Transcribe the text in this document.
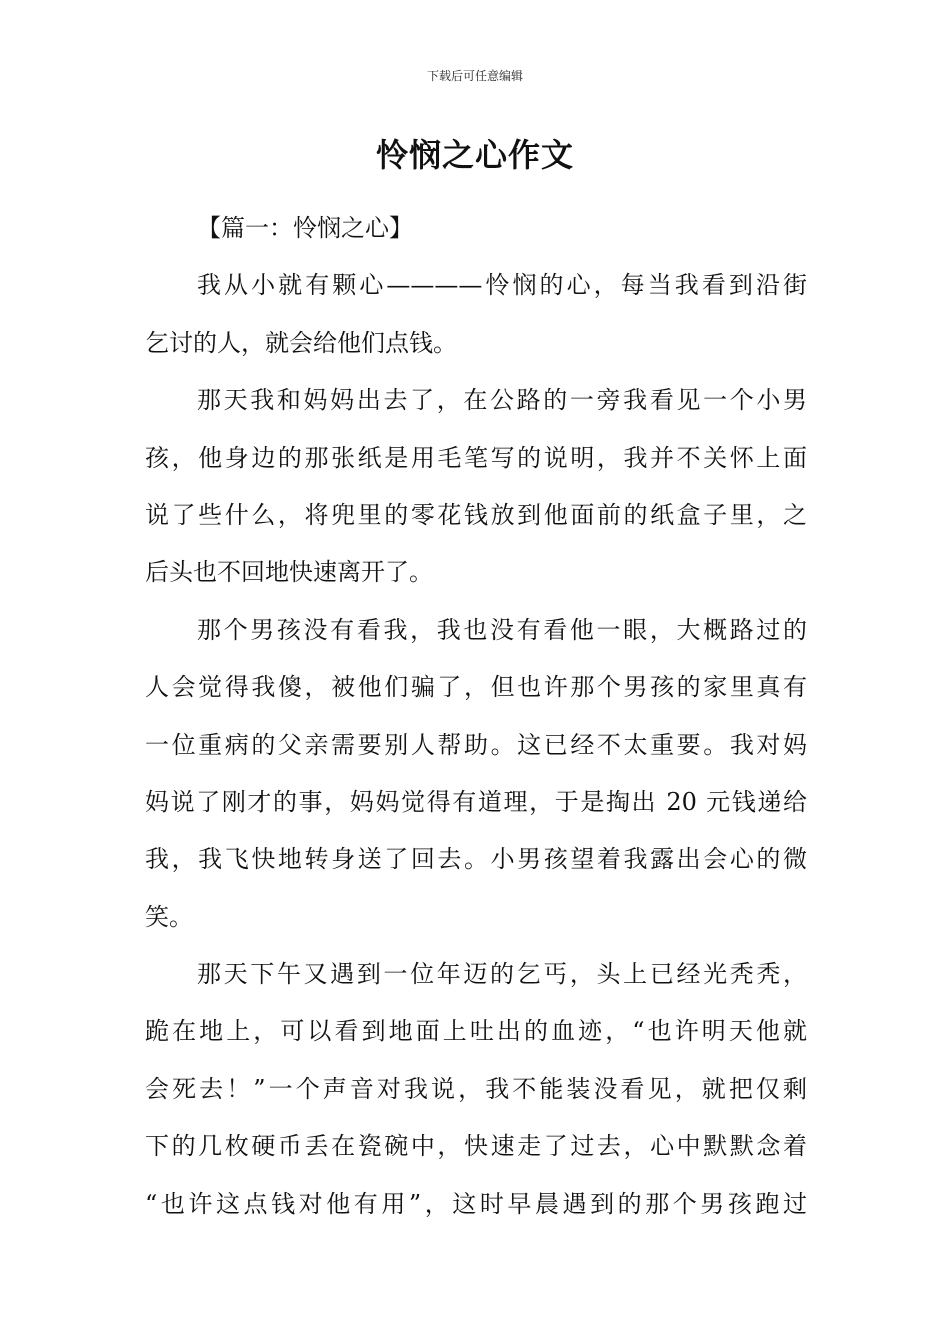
下载后可任意编辑
怜悯之心作文
【篇一：怜悯之心】
我从小就有颗心————怜悯的心，每当我看到沿街
乞讨的人，就会给他们点钱。
那天我和妈妈出去了，在公路的一旁我看见一个小男
孩，他身边的那张纸是用毛笔写的说明，我并不关怀上面
说了些什么，将兜里的零花钱放到他面前的纸盒子里，之
后头也不回地快速离开了。
那个男孩没有看我，我也没有看他一眼，大概路过的
人会觉得我傻，被他们骗了，但也许那个男孩的家里真有
一位重病的父亲需要别人帮助。这已经不太重要。我对妈
妈说了刚才的事，妈妈觉得有道理，于是掏出 20 元钱递给
我，我飞快地转身送了回去。小男孩望着我露出会心的微
笑。
那天下午又遇到一位年迈的乞丐，头上已经光秃秃，
跪在地上，可以看到地面上吐出的血迹，“也许明天他就
会死去！”一个声音对我说，我不能装没看见，就把仅剩
下的几枚硬币丢在瓷碗中，快速走了过去，心中默默念着
“也许这点钱对他有用”，这时早晨遇到的那个男孩跑过
